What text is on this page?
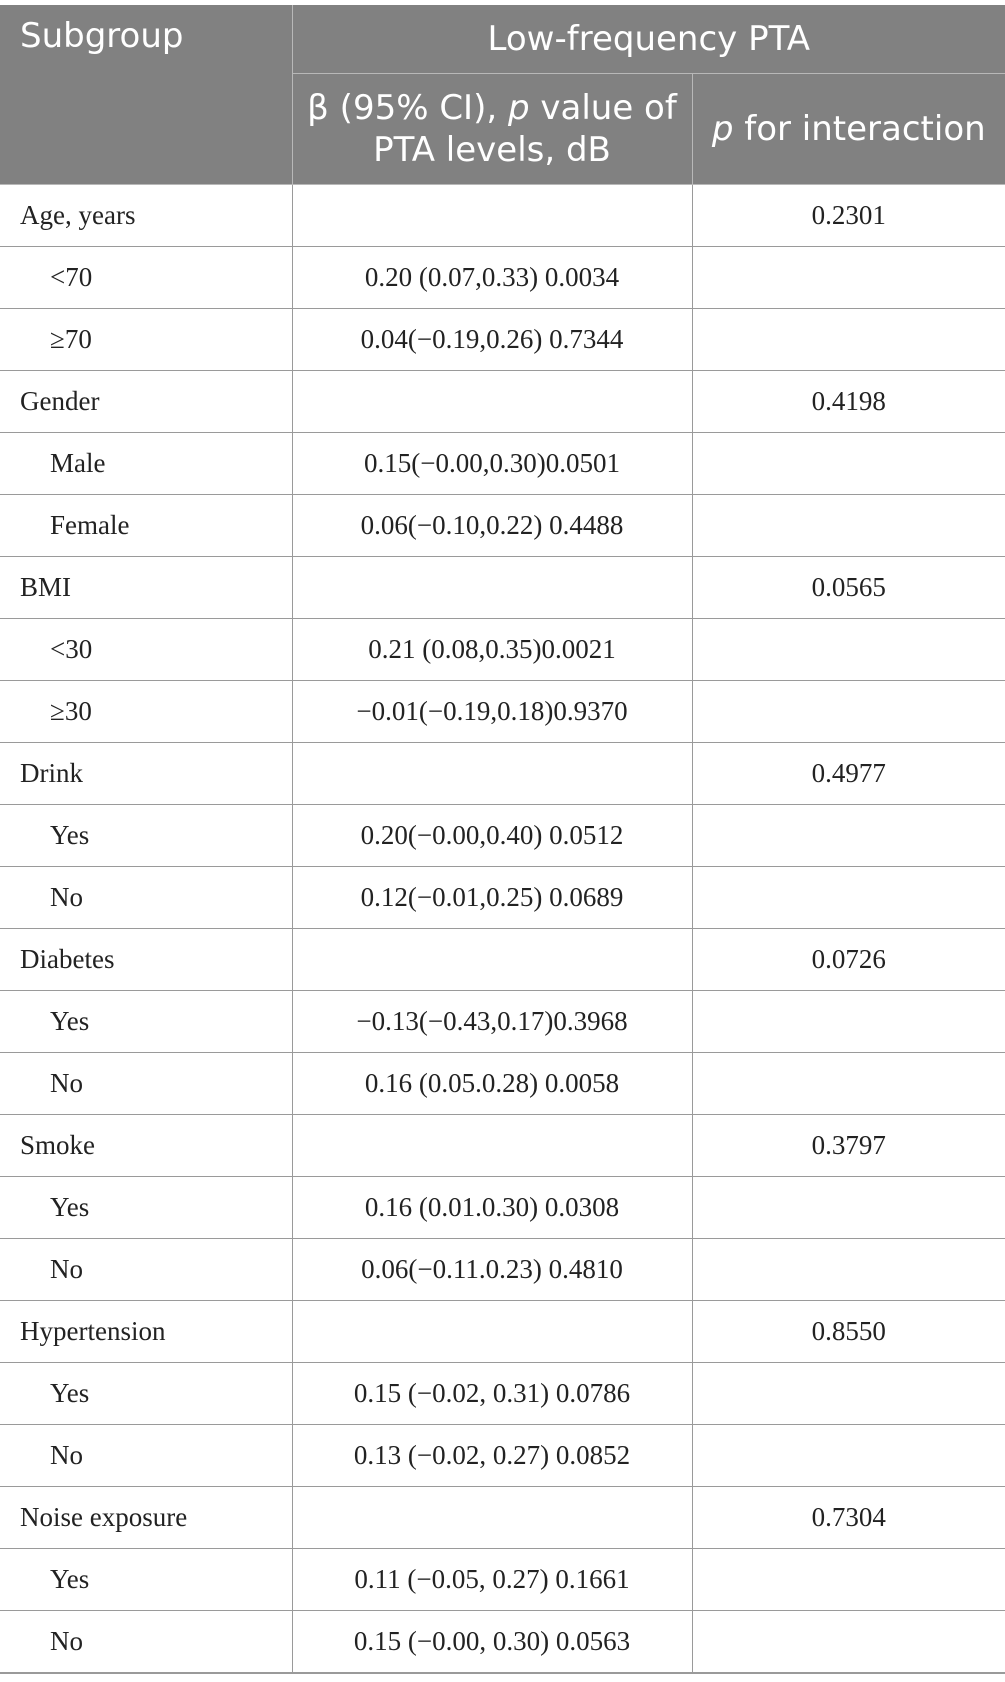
Subgroup	Low-frequency PTA	
	β (95% CI), p value of PTA levels, dB	p for interaction
Age, years		0.2301
<70	0.20 (0.07,0.33) 0.0034	
≥70	0.04(−0.19,0.26) 0.7344	
Gender		0.4198
Male	0.15(−0.00,0.30)0.0501	
Female	0.06(−0.10,0.22) 0.4488	
BMI		0.0565
<30	0.21 (0.08,0.35)0.0021	
≥30	−0.01(−0.19,0.18)0.9370	
Drink		0.4977
Yes	0.20(−0.00,0.40) 0.0512	
No	0.12(−0.01,0.25) 0.0689	
Diabetes		0.0726
Yes	−0.13(−0.43,0.17)0.3968	
No	0.16 (0.05.0.28) 0.0058	
Smoke		0.3797
Yes	0.16 (0.01.0.30) 0.0308	
No	0.06(−0.11.0.23) 0.4810	
Hypertension		0.8550
Yes	0.15 (−0.02, 0.31) 0.0786	
No	0.13 (−0.02, 0.27) 0.0852	
Noise exposure		0.7304
Yes	0.11 (−0.05, 0.27) 0.1661	
No	0.15 (−0.00, 0.30) 0.0563	
